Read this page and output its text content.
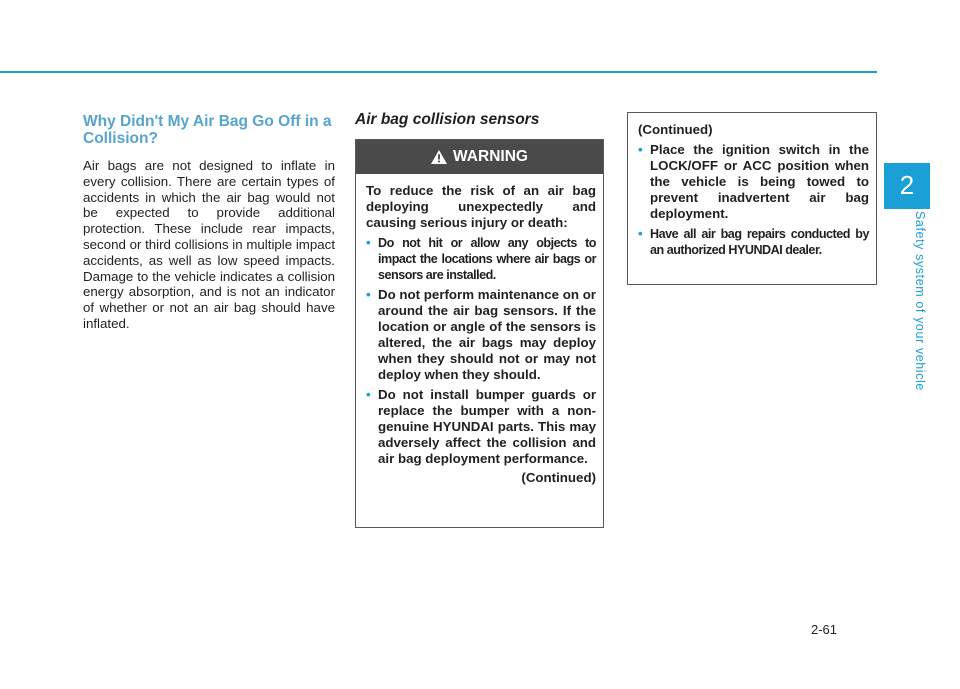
2
Safety system of your vehicle
Why Didn't My Air Bag Go Off in a Collision?

Air bags are not designed to inflate in every collision. There are certain types of accidents in which the air bag would not be expected to provide additional protection. These include rear impacts, second or third collisions in multiple impact accidents, as well as low speed impacts. Damage to the vehicle indicates a collision energy absorption, and is not an indicator of whether or not an air bag should have inflated.

Air bag collision sensors
WARNING

To reduce the risk of an air bag deploying unexpectedly and causing serious injury or death:

• Do not hit or allow any objects to impact the locations where air bags or sensors are installed.
• Do not perform maintenance on or around the air bag sensors. If the location or angle of the sensors is altered, the air bags may deploy when they should not or may not deploy when they should.
• Do not install bumper guards or replace the bumper with a non-genuine HYUNDAI parts. This may adversely affect the collision and air bag deployment performance.
(Continued)

(Continued)

• Place the ignition switch in the LOCK/OFF or ACC position when the vehicle is being towed to prevent inadvertent air bag deployment.
• Have all air bag repairs conducted by an authorized HYUNDAI dealer.
2-61
